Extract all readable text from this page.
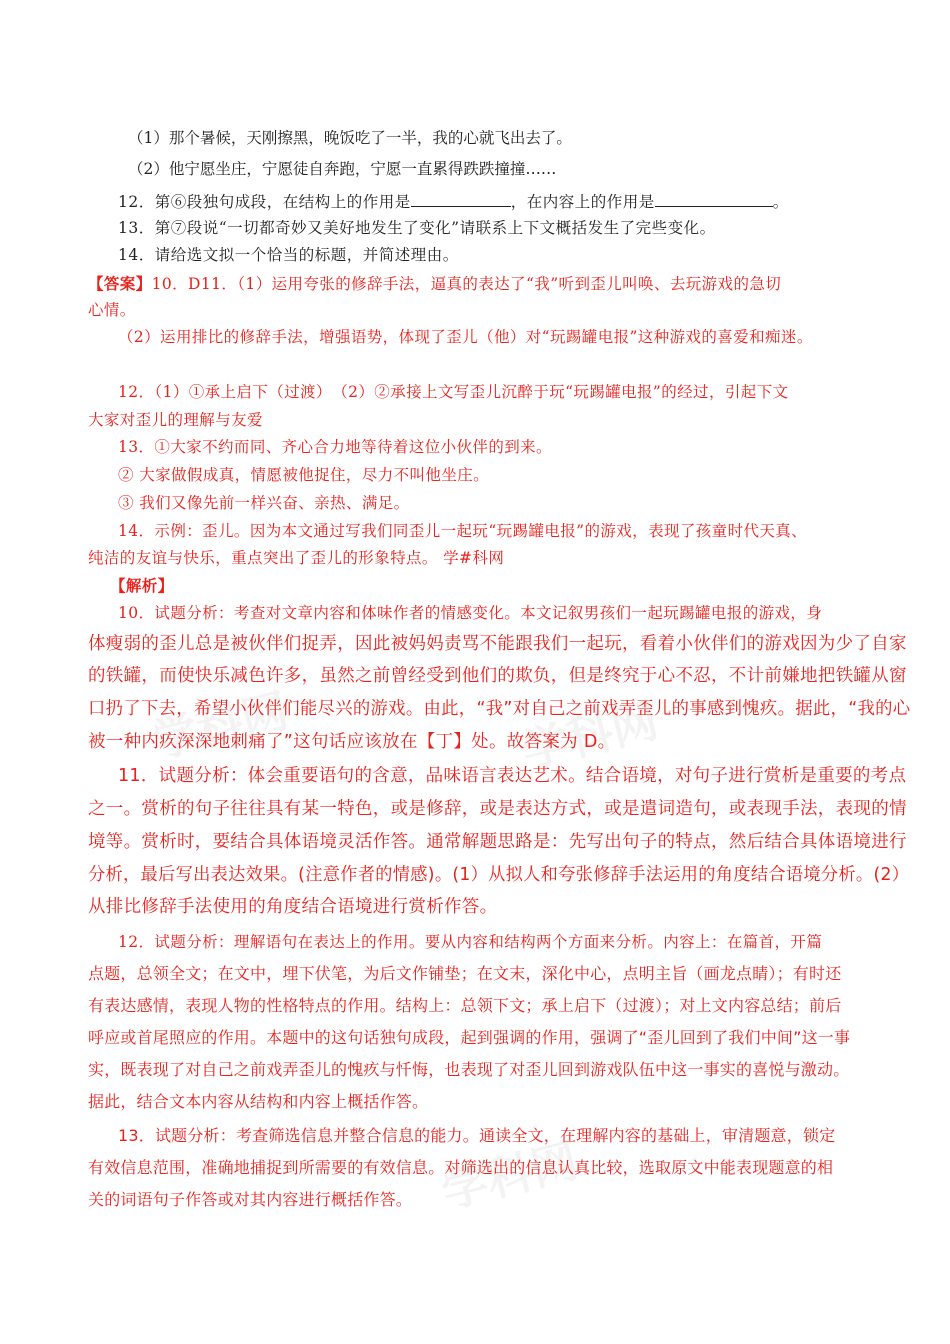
学科网	学科网
学科网
（1）那个暑候，天刚擦黑，晚饭吃了一半，我的心就飞出去了。
（2）他宁愿坐庄，宁愿徒自奔跑，宁愿一直累得跌跌撞撞……
12．第⑥段独句成段，在结构上的作用是	，在内容上的作用是	。
13．第⑦段说“一切都奇妙又美好地发生了变化”请联系上下文概括发生了完些变化。
14．请给选文拟一个恰当的标题，并简述理由。
【答案】10．D11．（1）运用夸张的修辞手法，逼真的表达了“我”听到歪儿叫唤、去玩游戏的急切
心情。
（2）运用排比的修辞手法，增强语势，体现了歪儿（他）对“玩踢罐电报”这种游戏的喜爱和痴迷。
12．（1）①承上启下（过渡）　（2）②承接上文写歪儿沉醉于玩“玩踢罐电报”的经过，引起下文
大家对歪儿的理解与友爱
13．①大家不约而同、齐心合力地等待着这位小伙伴的到来。
② 大家做假成真，情愿被他捉住，尽力不叫他坐庄。
③ 我们又像先前一样兴奋、亲热、满足。
14．示例：歪儿。因为本文通过写我们同歪儿一起玩“玩踢罐电报”的游戏，表现了孩童时代天真、
纯洁的友谊与快乐，重点突出了歪儿的形象特点。 学#科网
【解析】
10．试题分析：考查对文章内容和体味作者的情感变化。本文记叙男孩们一起玩踢罐电报的游戏，身
体瘦弱的歪儿总是被伙伴们捉弄，因此被妈妈责骂不能跟我们一起玩，看着小伙伴们的游戏因为少了自家
的铁罐，而使快乐减色许多，虽然之前曾经受到他们的欺负，但是终究于心不忍，不计前嫌地把铁罐从窗
口扔了下去，希望小伙伴们能尽兴的游戏。由此，“我”对自己之前戏弄歪儿的事感到愧疚。据此，“我的心
被一种内疚深深地刺痛了”这句话应该放在【丁】处。故答案为 D。
11．试题分析：体会重要语句的含意，品味语言表达艺术。结合语境，对句子进行赏析是重要的考点
之一。赏析的句子往往具有某一特色，或是修辞，或是表达方式，或是遣词造句，或表现手法，表现的情
境等。赏析时，要结合具体语境灵活作答。通常解题思路是：先写出句子的特点，然后结合具体语境进行
分析，最后写出表达效果。(注意作者的情感)。(1）从拟人和夸张修辞手法运用的角度结合语境分析。(2）
从排比修辞手法使用的角度结合语境进行赏析作答。
12．试题分析：理解语句在表达上的作用。要从内容和结构两个方面来分析。内容上：在篇首，开篇
点题，总领全文；在文中，埋下伏笔，为后文作铺垫；在文末，深化中心，点明主旨（画龙点睛）；有时还
有表达感情，表现人物的性格特点的作用。结构上：总领下文；承上启下（过渡）；对上文内容总结；前后
呼应或首尾照应的作用。本题中的这句话独句成段，起到强调的作用，强调了“歪儿回到了我们中间”这一事
实，既表现了对自己之前戏弄歪儿的愧疚与忏悔，也表现了对歪儿回到游戏队伍中这一事实的喜悦与激动。
据此，结合文本内容从结构和内容上概括作答。
13．试题分析：考查筛选信息并整合信息的能力。通读全文，在理解内容的基础上，审清题意，锁定
有效信息范围，准确地捕捉到所需要的有效信息。对筛选出的信息认真比较，选取原文中能表现题意的相
关的词语句子作答或对其内容进行概括作答。
